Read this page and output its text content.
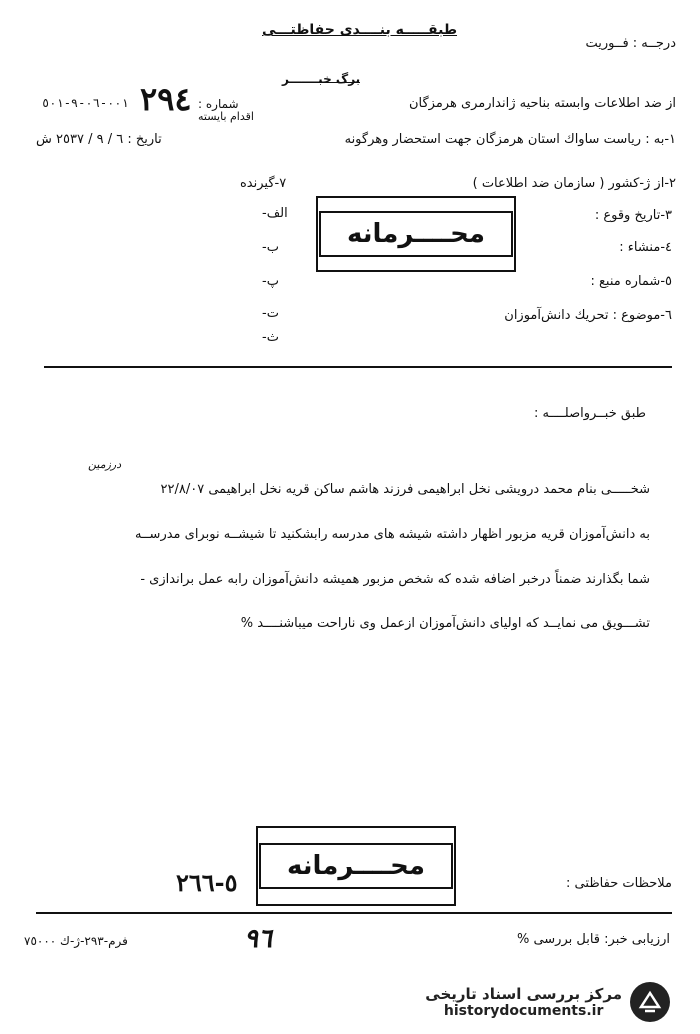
طبقـــــه بنــــدى حفاظتـــى
درجــه : فــوريت
برگ خبـــــــر
از ضد اطلاعات وابسته بناحيه ژاندارمرى هرمزگان
شماره :
٢٩٤
٠٠١-٠٦-٩-٥٠١
اقدام بايسته
١-به : رياست ساواك استان هرمزگان جهت استحضار وهرگونه
تاريخ : ٦ / ٩ / ٢٥٣٧ ش
٢-از ژ-كشور ( سازمان ضد اطلاعات )
٧-گيرنده
٣-تاريخ وقوع :
٤-منشاء :
٥-شماره منبع :
٦-موضوع : تحريك دانش‌آموزان
الف-
ب-
پ-
ت-
ث-
محــــرمانه
طبق خبــرواصلــــه :
درزمين
شخـــــى بنام محمد درويشى نخل ابراهيمى فرزند هاشم ساكن قريه نخل ابراهيمى ٢٢/٨/٠٧
به دانش‌آموزان قريه مزبور اظهار داشته شيشه هاى مدرسه رابشكنيد تا شيشــه نوبراى مدرســه
شما بگذارند ضمناً درخبر اضافه شده كه شخص مزبور هميشه دانش‌آموزان رابه عمل براندازى -
تشـــويق مى نمايــد كه اولياى دانش‌آموزان ازعمل وى ناراحت ميباشنــــد %
محــــرمانه
٥-٢٦٦	ملاحظات حفاظتى :
ارزيابى خبر: قابل بررسى %
فرم-٢٩٣-ژ-ك ٧٥٠٠٠	٩٦
مركز بررسى اسناد تاريخى
historydocuments.ir
